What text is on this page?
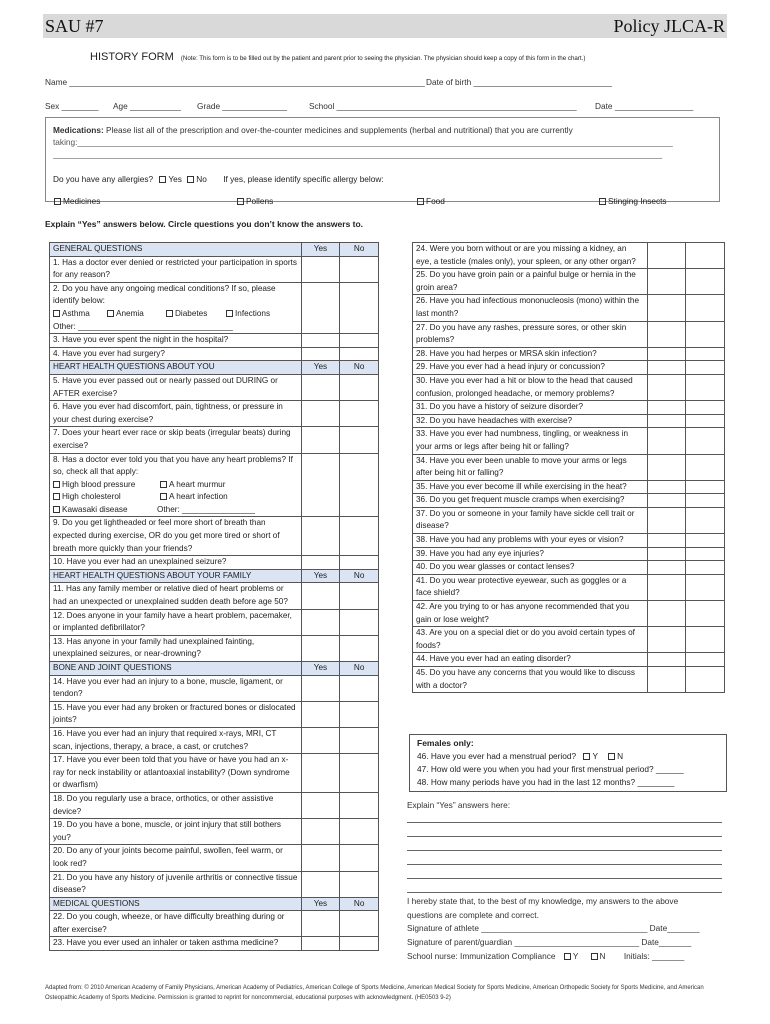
SAU #7	Policy JLCA-R
HISTORY FORM (Note: This form is to be filled out by the patient and parent prior to seeing the physician. The physician should keep a copy of this form in the chart.)
Name _____________________________________________________________________________ Date of birth ______________________________
Sex ________ Age ___________ Grade ______________	School ____________________________________________________ Date _________________
Medications: Please list all of the prescription and over-the-counter medicines and supplements (herbal and nutritional) that you are currently

taking:_________________________________________________________________________________________________________________________________
____________________________________________________________________________________________________________________________________
Do you have any allergies? Yes No If yes, please identify specific allergy below:
Medicines	Pollens	Food	Stinging Insects
Explain “Yes” answers below. Circle questions you don’t know the answers to.
GENERAL QUESTIONS	Yes	No
1. Has a doctor ever denied or restricted your participation in sports for any reason?		
2. Do you have any ongoing medical conditions? If so, please identify below:
Asthma Anemia Diabetes Infections
Other: __________________________________		

3. Have you ever spent the night in the hospital?		
4. Have you ever had surgery?		
HEART HEALTH QUESTIONS ABOUT YOU	Yes	No
5. Have you ever passed out or nearly passed out DURING or AFTER exercise?		
6. Have you ever had discomfort, pain, tightness, or pressure in your chest during exercise?		
7. Does your heart ever race or skip beats (irregular beats) during exercise?		
8. Has a doctor ever told you that you have any heart problems? If so, check all that apply:
High blood pressure A heart murmur
High cholesterol A heart infection
Kawasaki disease Other: ________________		

9. Do you get lightheaded or feel more short of breath than expected during exercise, OR do you get more tired or short of breath more quickly than your friends?		
10. Have you ever had an unexplained seizure?		
HEART HEALTH QUESTIONS ABOUT YOUR FAMILY	Yes	No
11. Has any family member or relative died of heart problems or had an unexpected or unexplained sudden death before age 50?		
12. Does anyone in your family have a heart problem, pacemaker, or implanted defibrillator?		
13. Has anyone in your family had unexplained fainting, unexplained seizures, or near-drowning?		
BONE AND JOINT QUESTIONS	Yes	No
14. Have you ever had an injury to a bone, muscle, ligament, or tendon?		
15. Have you ever had any broken or fractured bones or dislocated joints?		
16. Have you ever had an injury that required x-rays, MRI, CT scan, injections, therapy, a brace, a cast, or crutches?		
17. Have you ever been told that you have or have you had an x-ray for neck instability or atlantoaxial instability? (Down syndrome or dwarfism)		
18. Do you regularly use a brace, orthotics, or other assistive device?		
19. Do you have a bone, muscle, or joint injury that still bothers you?		
20. Do any of your joints become painful, swollen, feel warm, or look red?		
21. Do you have any history of juvenile arthritis or connective tissue disease?		
MEDICAL QUESTIONS	Yes	No
22. Do you cough, wheeze, or have difficulty breathing during or after exercise?		
23. Have you ever used an inhaler or taken asthma medicine?		
24. Were you born without or are you missing a kidney, an eye, a testicle (males only), your spleen, or any other organ?		
25. Do you have groin pain or a painful bulge or hernia in the groin area?		
26. Have you had infectious mononucleosis (mono) within the last month?		
27. Do you have any rashes, pressure sores, or other skin problems?		
28. Have you had herpes or MRSA skin infection?		
29. Have you ever had a head injury or concussion?		
30. Have you ever had a hit or blow to the head that caused confusion, prolonged headache, or memory problems?		
31. Do you have a history of seizure disorder?		
32. Do you have headaches with exercise?		
33. Have you ever had numbness, tingling, or weakness in your arms or legs after being hit or falling?		
34. Have you ever been unable to move your arms or legs after being hit or falling?		
35. Have you ever become ill while exercising in the heat?		
36. Do you get frequent muscle cramps when exercising?		
37. Do you or someone in your family have sickle cell trait or disease?		
38. Have you had any problems with your eyes or vision?		
39. Have you had any eye injuries?		
40. Do you wear glasses or contact lenses?		
41. Do you wear protective eyewear, such as goggles or a face shield?		
42. Are you trying to or has anyone recommended that you gain or lose weight?		
43. Are you on a special diet or do you avoid certain types of foods?		
44. Have you ever had an eating disorder?		
45. Do you have any concerns that you would like to discuss with a doctor?		
Females only:
46. Have you ever had a menstrual period? Y N
47. How old were you when you had your first menstrual period? ______
48. How many periods have you had in the last 12 months? ________
Explain “Yes” answers here:
I hereby state that, to the best of my knowledge, my answers to the above
questions are complete and correct.
Signature of athlete ____________________________________ Date_______
Signature of parent/guardian ___________________________ Date_______
School nurse: Immunization Compliance Y	N Initials: _______
Adapted from: © 2010 American Academy of Family Physicians, American Academy of Pediatrics, American College of Sports Medicine, American Medical Society for Sports Medicine, American Orthopedic Society for Sports Medicine, and American Osteopathic Academy of Sports Medicine. Permission is granted to reprint for noncommercial, educational purposes with acknowledgment. (HE0503 9-2)
